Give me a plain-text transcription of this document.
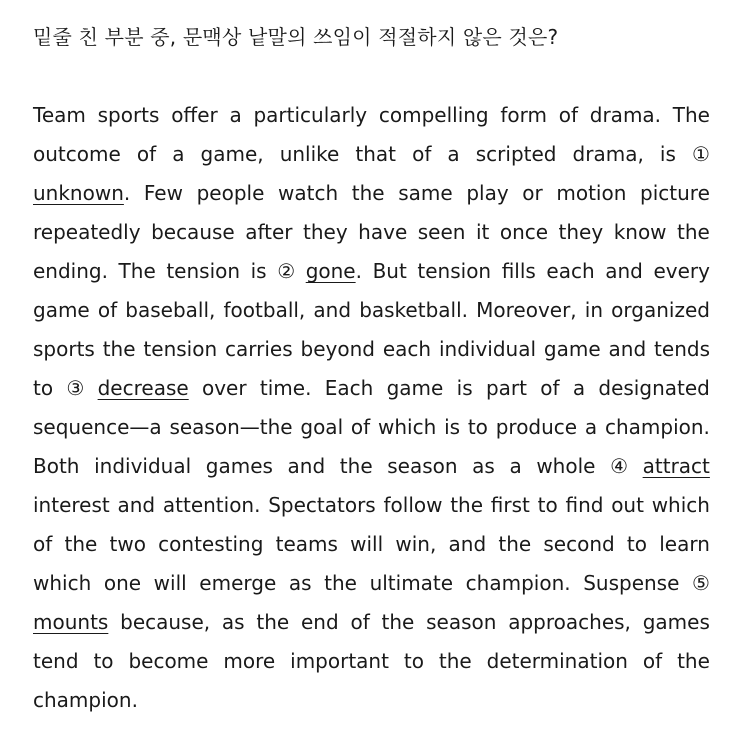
밑줄 친 부분 중, 문맥상 낱말의 쓰임이 적절하지 않은 것은?
Team sports offer a particularly compelling form of drama. The
outcome of a game, unlike that of a scripted drama, is ①
unknown. Few people watch the same play or motion picture
repeatedly because after they have seen it once they know the
ending. The tension is ② gone. But tension fills each and every
game of baseball, football, and basketball. Moreover, in organized
sports the tension carries beyond each individual game and tends
to ③ decrease over time. Each game is part of a designated
sequence—a season—the goal of which is to produce a champion.
Both individual games and the season as a whole ④ attract
interest and attention. Spectators follow the first to find out which
of the two contesting teams will win, and the second to learn
which one will emerge as the ultimate champion. Suspense ⑤
mounts because, as the end of the season approaches, games
tend to become more important to the determination of the
champion.
